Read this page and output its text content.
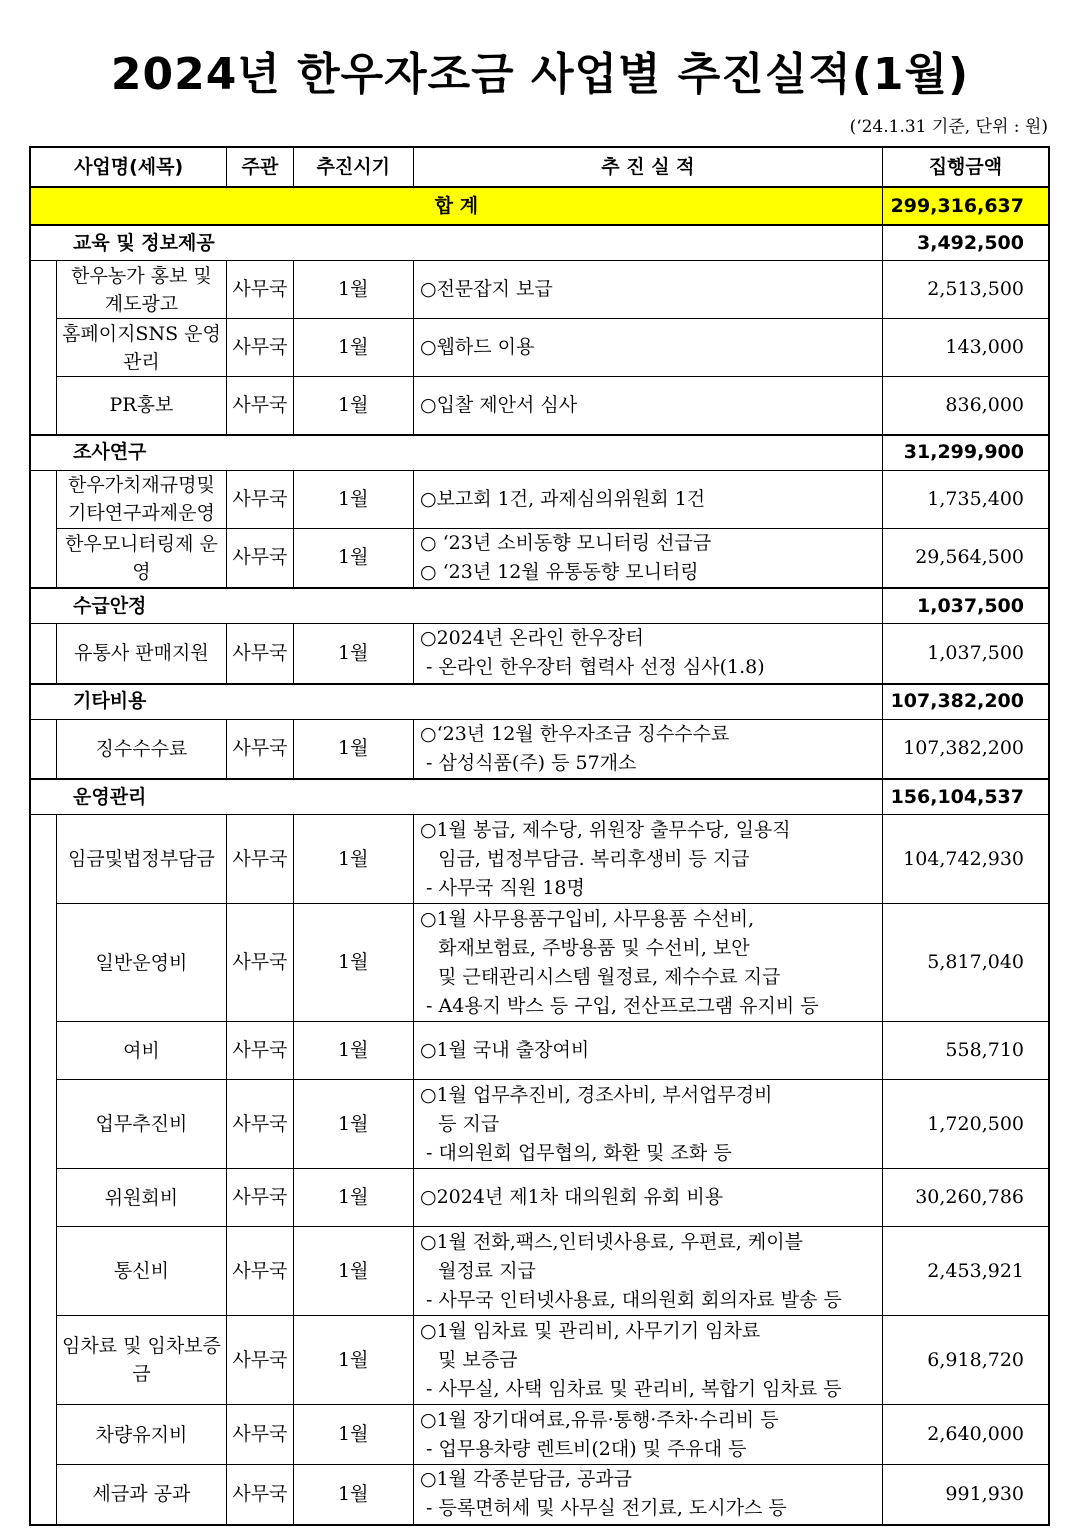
2024년 한우자조금 사업별 추진실적(1월)
(‘24.1.31 기준, 단위 : 원)
사업명(세목)		주관	추진시기	추 진 실 적	집행금액
합 계					299,316,637
교육 및 정보제공					3,492,500
	한우농가 홍보 및 계도광고	사무국	1월	○전문잡지 보급	2,513,500
	홈페이지SNS 운영관리	사무국	1월	○웹하드 이용	143,000
	PR홍보	사무국	1월	○입찰 제안서 심사	836,000
조사연구					31,299,900
	한우가치재규명및 기타연구과제운영	사무국	1월	○보고회 1건, 과제심의위원회 1건	1,735,400
	한우모니터링제 운영	사무국	1월	○ ‘23년 소비동향 모니터링 선급금
○ ‘23년 12월 유통동향 모니터링	29,564,500
수급안정					1,037,500
	유통사 판매지원	사무국	1월	○2024년 온라인 한우장터
- 온라인 한우장터 협력사 선정 심사(1.8)	1,037,500
기타비용					107,382,200
	징수수수료	사무국	1월	○‘23년 12월 한우자조금 징수수수료
- 삼성식품(주) 등 57개소	107,382,200
운영관리					156,104,537
	임금및법정부담금	사무국	1월	○1월 봉급, 제수당, 위원장 출무수당, 일용직
임금, 법정부담금. 복리후생비 등 지급
- 사무국 직원 18명	104,742,930
	일반운영비	사무국	1월	○1월 사무용품구입비, 사무용품 수선비,
화재보험료, 주방용품 및 수선비, 보안
및 근태관리시스템 월정료, 제수수료 지급
- A4용지 박스 등 구입, 전산프로그램 유지비 등	5,817,040
	여비	사무국	1월	○1월 국내 출장여비	558,710
	업무추진비	사무국	1월	○1월 업무추진비, 경조사비, 부서업무경비
등 지급
- 대의원회 업무협의, 화환 및 조화 등	1,720,500
	위원회비	사무국	1월	○2024년 제1차 대의원회 유회 비용	30,260,786
	통신비	사무국	1월	○1월 전화,팩스,인터넷사용료, 우편료, 케이블
월정료 지급
- 사무국 인터넷사용료, 대의원회 회의자료 발송 등	2,453,921
	임차료 및 임차보증금	사무국	1월	○1월 임차료 및 관리비, 사무기기 임차료
및 보증금
- 사무실, 사택 임차료 및 관리비, 복합기 임차료 등	6,918,720
	차량유지비	사무국	1월	○1월 장기대여료,유류·통행·주차·수리비 등
- 업무용차량 렌트비(2대) 및 주유대 등	2,640,000
	세금과 공과	사무국	1월	○1월 각종분담금, 공과금
- 등록면허세 및 사무실 전기료, 도시가스 등	991,930
